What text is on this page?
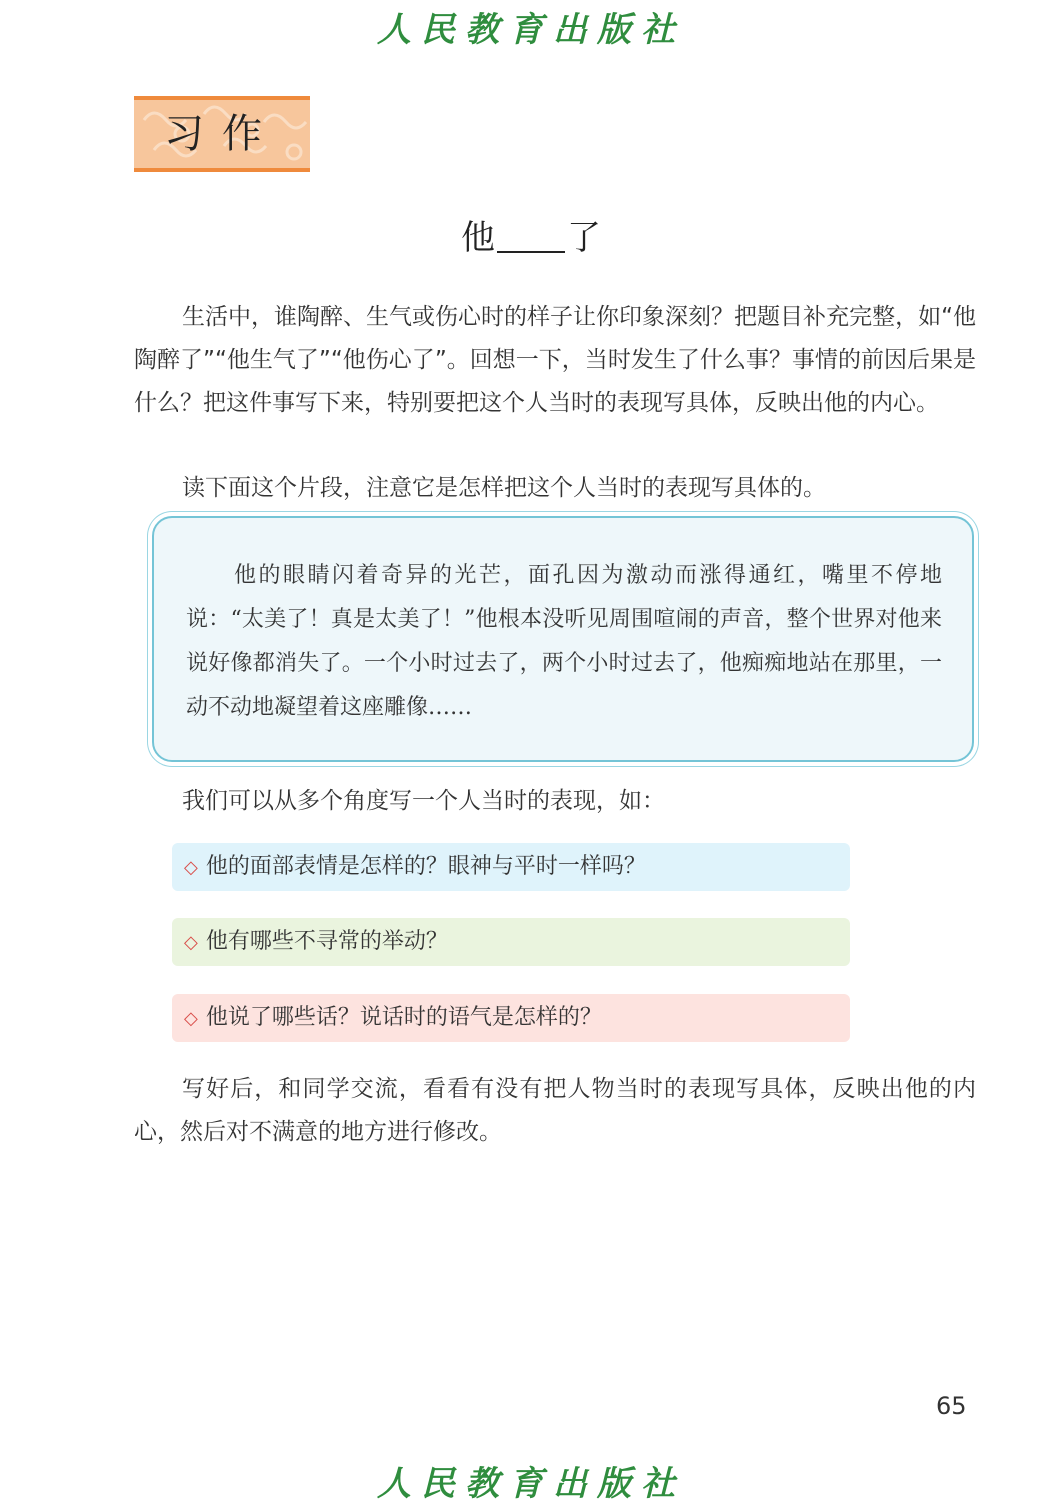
人民教育出版社
习作
他 了

生活中，谁陶醉、生气或伤心时的样子让你印象深刻？把题目补充完整，如“他陶醉了”“他生气了”“他伤心了”。回想一下，当时发生了什么事？事情的前因后果是什么？把这件事写下来，特别要把这个人当时的表现写具体，反映出他的内心。

读下面这个片段，注意它是怎样把这个人当时的表现写具体的。

他的眼睛闪着奇异的光芒，面孔因为激动而涨得通红，嘴里不停地说：“太美了！真是太美了！”他根本没听见周围喧闹的声音，整个世界对他来说好像都消失了。一个小时过去了，两个小时过去了，他痴痴地站在那里，一动不动地凝望着这座雕像……

我们可以从多个角度写一个人当时的表现，如：

◇ 他的面部表情是怎样的？眼神与平时一样吗？
◇ 他有哪些不寻常的举动？
◇ 他说了哪些话？说话时的语气是怎样的？

写好后，和同学交流，看看有没有把人物当时的表现写具体，反映出他的内心，然后对不满意的地方进行修改。

65
人民教育出版社
